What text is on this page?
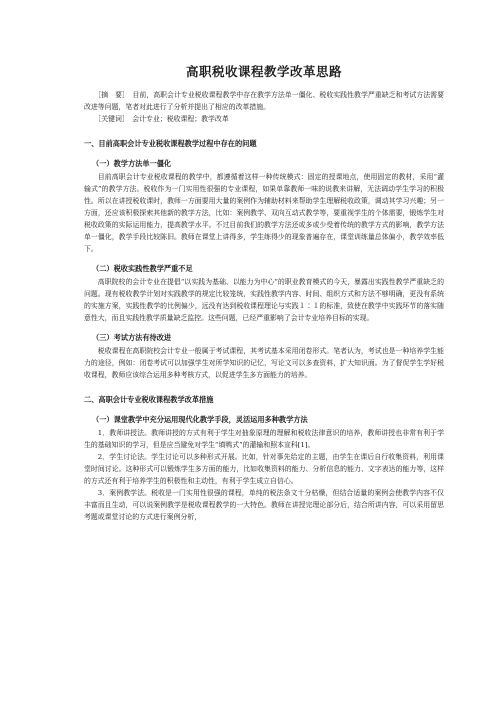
高职税收课程教学改革思路

［摘　要］　目前，高职会计专业税收课程教学中存在教学方法单一僵化、税收实践性教学严重缺乏和考试方法需要改进等问题，笔者对此进行了分析并提出了相应的改革措施。

［关键词］　会计专业；税收课程；教学改革

一、目前高职会计专业税收课程教学过程中存在的问题
（一）教学方法单一僵化

目前高职会计专业税收课程的教学中，都遵循着这样一种传统模式：固定的授课地点，使用固定的教材，采用“灌输式”的教学方法。税收作为一门实用性很强的专业课程，如果单靠教师一味的说教来讲解，无法调动学生学习的积极性。所以在讲授税收课时，教师一方面要用大量的案例作为辅助材料来帮助学生理解税收政策，调动其学习兴趣；另一方面，还应该积极探索其他新的教学方法，比如：案例教学、双向互动式教学等，要重视学生的个体需要，锻炼学生对税收政策的实际运用能力，提高教学水平。不过目前我们的教学方法还或多或少受着传统的教学方式的影响，教学方法单一僵化，教学手段比较陈旧。教师在课堂上讲得多，学生练得少的现象普遍存在，课堂训练量总体偏小，教学效率低下。

（二）税收实践性教学严重不足

高职院校的会计专业在提倡“以实践为基础、以能力为中心”的职业教育模式的今天，暴露出实践性教学严重缺乏的问题。现有税收教学计划对实践教学的规定比较笼统，实践性教学内容、时间、组织方式和方法不够明确，更没有系统的实施方案，实践性教学的比例偏少，远没有达到税收课程理论与实践１∶１的标准，致使在教学中实践环节的落实随意性大，而且实践性教学质量缺乏监控。这些问题，已经严重影响了会计专业培养目标的实现。

（三）考试方法有待改进

税收课程在高职院校会计专业一般属于考试课程，其考试基本采用闭卷形式。笔者认为，考试也是一种培养学生能力的途径，例如：闭卷考试可以加强学生对所学知识的记忆，写论文可以多查资料，扩大知识面。为了督促学生学好税收课程，教师应该综合运用多种考核方式，以促进学生多方面能力的培养。

二、高职会计专业税收课程教学改革措施
（一）课堂教学中充分运用现代化教学手段，灵活运用多种教学方法

1．教师讲授法。教师讲授的方式有利于学生对抽象原理的理解和税收法律意识的培养，教师讲授也非常有利于学生的基础知识的学习，但是应当避免对学生“填鸭式”的灌输和照本宣科[1]。

2．学生讨论法。学生讨论可以多种形式开展。比如，针对事先给定的主题，由学生在课后自行收集资料，利用课堂时间讨论。这种形式可以锻炼学生多方面的能力，比如收集资料的能力、分析信息的能力、文字表达的能力等，这样的方式还有利于培养学生的积极性和主动性，有利于学生成立自信心。

3．案例教学法。税收是一门实用性很强的课程，单纯的税法条文十分枯燥，但结合适量的案例会使教学内容不仅丰富而且生动，可以说案例教学是税收课程教学的一大特色。教师在讲授完理论部分后，结合所讲内容，可以采用留思考题或课堂讨论的方式进行案例分析，
